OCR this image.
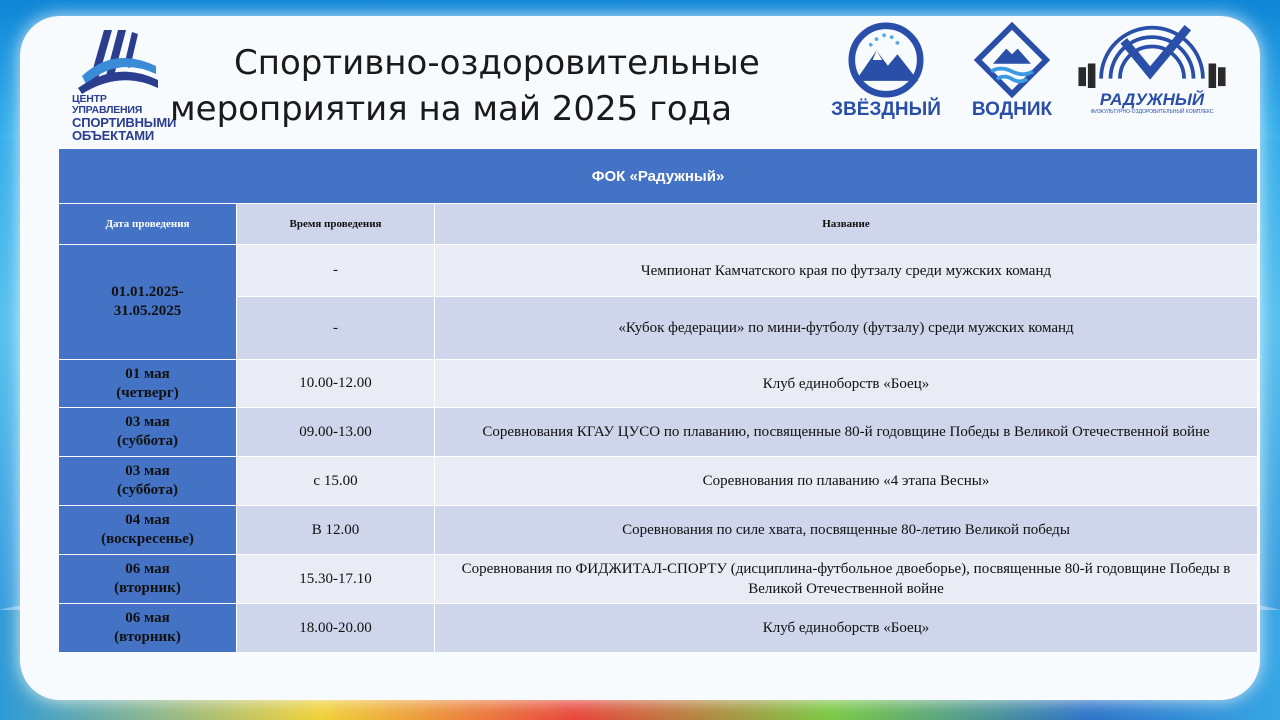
ЦЕНТР УПРАВЛЕНИЯ
СПОРТИВНЫМИ
ОБЪЕКТАМИ
Спортивно-оздоровительные
мероприятия на май 2025 года	ЗВЁЗДНЫЙ	ВОДНИК	РАДУЖНЫЙ
ФИЗКУЛЬТУРНО-ОЗДОРОВИТЕЛЬНЫЙ КОМПЛЕКС
ФОК «Радужный»		
Дата проведения	Время проведения	Название

01.01.2025-
31.05.2025	-	Чемпионат Камчатского края по футзалу среди мужских команд
	-	«Кубок федерации» по мини-футболу (футзалу) среди мужских команд

01 мая
(четверг)	10.00-12.00	Клуб единоборств «Боец»

03 мая
(суббота)	09.00-13.00	Соревнования КГАУ ЦУСО по плаванию, посвященные 80-й годовщине Победы в Великой Отечественной войне

03 мая
(суббота)	с 15.00	Соревнования по плаванию «4 этапа Весны»

04 мая
(воскресенье)	В 12.00	Соревнования по силе хвата, посвященные 80-летию Великой победы

06 мая
(вторник)	15.30-17.10	Соревнования по ФИДЖИТАЛ-СПОРТУ (дисциплина-футбольное двоеборье), посвященные 80-й годовщине Победы в Великой Отечественной войне

06 мая
(вторник)	18.00-20.00	Клуб единоборств «Боец»
